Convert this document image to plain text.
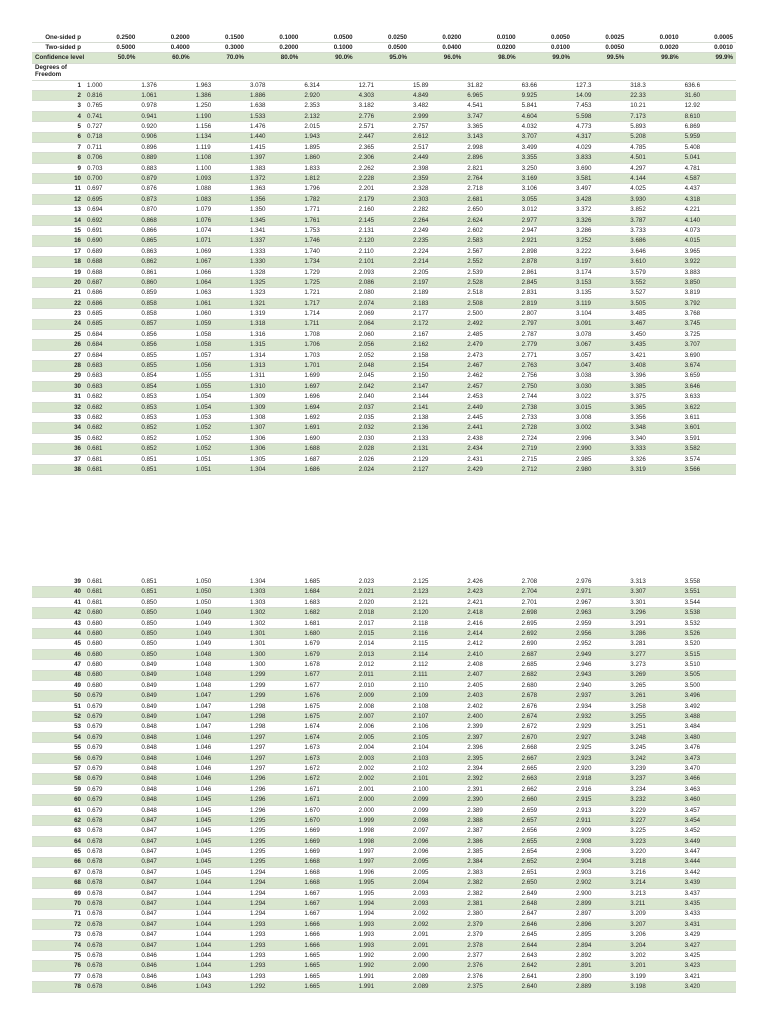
One-sided p	0.2500	0.2000	0.1500	0.1000	0.0500	0.0250	0.0200	0.0100	0.0050	0.0025	0.0010	0.0005
Two-sided p	0.5000	0.4000	0.3000	0.2000	0.1000	0.0500	0.0400	0.0200	0.0100	0.0050	0.0020	0.0010
Confidence level	50.0%	60.0%	70.0%	80.0%	90.0%	95.0%	96.0%	98.0%	99.0%	99.5%	99.8%	99.9%
Degrees of Freedom												
1	1.000	1.376	1.963	3.078	6.314	12.71	15.89	31.82	63.66	127.3	318.3	636.6
2	0.816	1.061	1.386	1.886	2.920	4.303	4.849	6.965	9.925	14.09	22.33	31.60
3	0.765	0.978	1.250	1.638	2.353	3.182	3.482	4.541	5.841	7.453	10.21	12.92
4	0.741	0.941	1.190	1.533	2.132	2.776	2.999	3.747	4.604	5.598	7.173	8.610
5	0.727	0.920	1.156	1.476	2.015	2.571	2.757	3.365	4.032	4.773	5.893	6.869
6	0.718	0.906	1.134	1.440	1.943	2.447	2.612	3.143	3.707	4.317	5.208	5.959
7	0.711	0.896	1.119	1.415	1.895	2.365	2.517	2.998	3.499	4.029	4.785	5.408
8	0.706	0.889	1.108	1.397	1.860	2.306	2.449	2.896	3.355	3.833	4.501	5.041
9	0.703	0.883	1.100	1.383	1.833	2.262	2.398	2.821	3.250	3.690	4.297	4.781
10	0.700	0.879	1.093	1.372	1.812	2.228	2.359	2.764	3.169	3.581	4.144	4.587
11	0.697	0.876	1.088	1.363	1.796	2.201	2.328	2.718	3.106	3.497	4.025	4.437
12	0.695	0.873	1.083	1.356	1.782	2.179	2.303	2.681	3.055	3.428	3.930	4.318
13	0.694	0.870	1.079	1.350	1.771	2.160	2.282	2.650	3.012	3.372	3.852	4.221
14	0.692	0.868	1.076	1.345	1.761	2.145	2.264	2.624	2.977	3.326	3.787	4.140
15	0.691	0.866	1.074	1.341	1.753	2.131	2.249	2.602	2.947	3.286	3.733	4.073
16	0.690	0.865	1.071	1.337	1.746	2.120	2.235	2.583	2.921	3.252	3.686	4.015
17	0.689	0.863	1.069	1.333	1.740	2.110	2.224	2.567	2.898	3.222	3.646	3.965
18	0.688	0.862	1.067	1.330	1.734	2.101	2.214	2.552	2.878	3.197	3.610	3.922
19	0.688	0.861	1.066	1.328	1.729	2.093	2.205	2.539	2.861	3.174	3.579	3.883
20	0.687	0.860	1.064	1.325	1.725	2.086	2.197	2.528	2.845	3.153	3.552	3.850
21	0.686	0.859	1.063	1.323	1.721	2.080	2.189	2.518	2.831	3.135	3.527	3.819
22	0.686	0.858	1.061	1.321	1.717	2.074	2.183	2.508	2.819	3.119	3.505	3.792
23	0.685	0.858	1.060	1.319	1.714	2.069	2.177	2.500	2.807	3.104	3.485	3.768
24	0.685	0.857	1.059	1.318	1.711	2.064	2.172	2.492	2.797	3.091	3.467	3.745
25	0.684	0.856	1.058	1.316	1.708	2.060	2.167	2.485	2.787	3.078	3.450	3.725
26	0.684	0.856	1.058	1.315	1.706	2.056	2.162	2.479	2.779	3.067	3.435	3.707
27	0.684	0.855	1.057	1.314	1.703	2.052	2.158	2.473	2.771	3.057	3.421	3.690
28	0.683	0.855	1.056	1.313	1.701	2.048	2.154	2.467	2.763	3.047	3.408	3.674
29	0.683	0.854	1.055	1.311	1.699	2.045	2.150	2.462	2.756	3.038	3.396	3.659
30	0.683	0.854	1.055	1.310	1.697	2.042	2.147	2.457	2.750	3.030	3.385	3.646
31	0.682	0.853	1.054	1.309	1.696	2.040	2.144	2.453	2.744	3.022	3.375	3.633
32	0.682	0.853	1.054	1.309	1.694	2.037	2.141	2.449	2.738	3.015	3.365	3.622
33	0.682	0.853	1.053	1.308	1.692	2.035	2.138	2.445	2.733	3.008	3.356	3.611
34	0.682	0.852	1.052	1.307	1.691	2.032	2.136	2.441	2.728	3.002	3.348	3.601
35	0.682	0.852	1.052	1.306	1.690	2.030	2.133	2.438	2.724	2.996	3.340	3.591
36	0.681	0.852	1.052	1.306	1.688	2.028	2.131	2.434	2.719	2.990	3.333	3.582
37	0.681	0.851	1.051	1.305	1.687	2.026	2.129	2.431	2.715	2.985	3.326	3.574
38	0.681	0.851	1.051	1.304	1.686	2.024	2.127	2.429	2.712	2.980	3.319	3.566
39	0.681	0.851	1.050	1.304	1.685	2.023	2.125	2.426	2.708	2.976	3.313	3.558
40	0.681	0.851	1.050	1.303	1.684	2.021	2.123	2.423	2.704	2.971	3.307	3.551
41	0.681	0.850	1.050	1.303	1.683	2.020	2.121	2.421	2.701	2.967	3.301	3.544
42	0.680	0.850	1.049	1.302	1.682	2.018	2.120	2.418	2.698	2.963	3.296	3.538
43	0.680	0.850	1.049	1.302	1.681	2.017	2.118	2.416	2.695	2.959	3.291	3.532
44	0.680	0.850	1.049	1.301	1.680	2.015	2.116	2.414	2.692	2.956	3.286	3.526
45	0.680	0.850	1.049	1.301	1.679	2.014	2.115	2.412	2.690	2.952	3.281	3.520
46	0.680	0.850	1.048	1.300	1.679	2.013	2.114	2.410	2.687	2.949	3.277	3.515
47	0.680	0.849	1.048	1.300	1.678	2.012	2.112	2.408	2.685	2.946	3.273	3.510
48	0.680	0.849	1.048	1.299	1.677	2.011	2.111	2.407	2.682	2.943	3.269	3.505
49	0.680	0.849	1.048	1.299	1.677	2.010	2.110	2.405	2.680	2.940	3.265	3.500
50	0.679	0.849	1.047	1.299	1.676	2.009	2.109	2.403	2.678	2.937	3.261	3.496
51	0.679	0.849	1.047	1.298	1.675	2.008	2.108	2.402	2.676	2.934	3.258	3.492
52	0.679	0.849	1.047	1.298	1.675	2.007	2.107	2.400	2.674	2.932	3.255	3.488
53	0.679	0.848	1.047	1.298	1.674	2.006	2.106	2.399	2.672	2.929	3.251	3.484
54	0.679	0.848	1.046	1.297	1.674	2.005	2.105	2.397	2.670	2.927	3.248	3.480
55	0.679	0.848	1.046	1.297	1.673	2.004	2.104	2.396	2.668	2.925	3.245	3.476
56	0.679	0.848	1.046	1.297	1.673	2.003	2.103	2.395	2.667	2.923	3.242	3.473
57	0.679	0.848	1.046	1.297	1.672	2.002	2.102	2.394	2.665	2.920	3.239	3.470
58	0.679	0.848	1.046	1.296	1.672	2.002	2.101	2.392	2.663	2.918	3.237	3.466
59	0.679	0.848	1.046	1.296	1.671	2.001	2.100	2.391	2.662	2.916	3.234	3.463
60	0.679	0.848	1.045	1.296	1.671	2.000	2.099	2.390	2.660	2.915	3.232	3.460
61	0.679	0.848	1.045	1.296	1.670	2.000	2.099	2.389	2.659	2.913	3.229	3.457
62	0.678	0.847	1.045	1.295	1.670	1.999	2.098	2.388	2.657	2.911	3.227	3.454
63	0.678	0.847	1.045	1.295	1.669	1.998	2.097	2.387	2.656	2.909	3.225	3.452
64	0.678	0.847	1.045	1.295	1.669	1.998	2.096	2.386	2.655	2.908	3.223	3.449
65	0.678	0.847	1.045	1.295	1.669	1.997	2.096	2.385	2.654	2.906	3.220	3.447
66	0.678	0.847	1.045	1.295	1.668	1.997	2.095	2.384	2.652	2.904	3.218	3.444
67	0.678	0.847	1.045	1.294	1.668	1.996	2.095	2.383	2.651	2.903	3.216	3.442
68	0.678	0.847	1.044	1.294	1.668	1.995	2.094	2.382	2.650	2.902	3.214	3.439
69	0.678	0.847	1.044	1.294	1.667	1.995	2.093	2.382	2.649	2.900	3.213	3.437
70	0.678	0.847	1.044	1.294	1.667	1.994	2.093	2.381	2.648	2.899	3.211	3.435
71	0.678	0.847	1.044	1.294	1.667	1.994	2.092	2.380	2.647	2.897	3.209	3.433
72	0.678	0.847	1.044	1.293	1.666	1.993	2.092	2.379	2.646	2.896	3.207	3.431
73	0.678	0.847	1.044	1.293	1.666	1.993	2.091	2.379	2.645	2.895	3.206	3.429
74	0.678	0.847	1.044	1.293	1.666	1.993	2.091	2.378	2.644	2.894	3.204	3.427
75	0.678	0.846	1.044	1.293	1.665	1.992	2.090	2.377	2.643	2.892	3.202	3.425
76	0.678	0.846	1.044	1.293	1.665	1.992	2.090	2.376	2.642	2.891	3.201	3.423
77	0.678	0.846	1.043	1.293	1.665	1.991	2.089	2.376	2.641	2.890	3.199	3.421
78	0.678	0.846	1.043	1.292	1.665	1.991	2.089	2.375	2.640	2.889	3.198	3.420
